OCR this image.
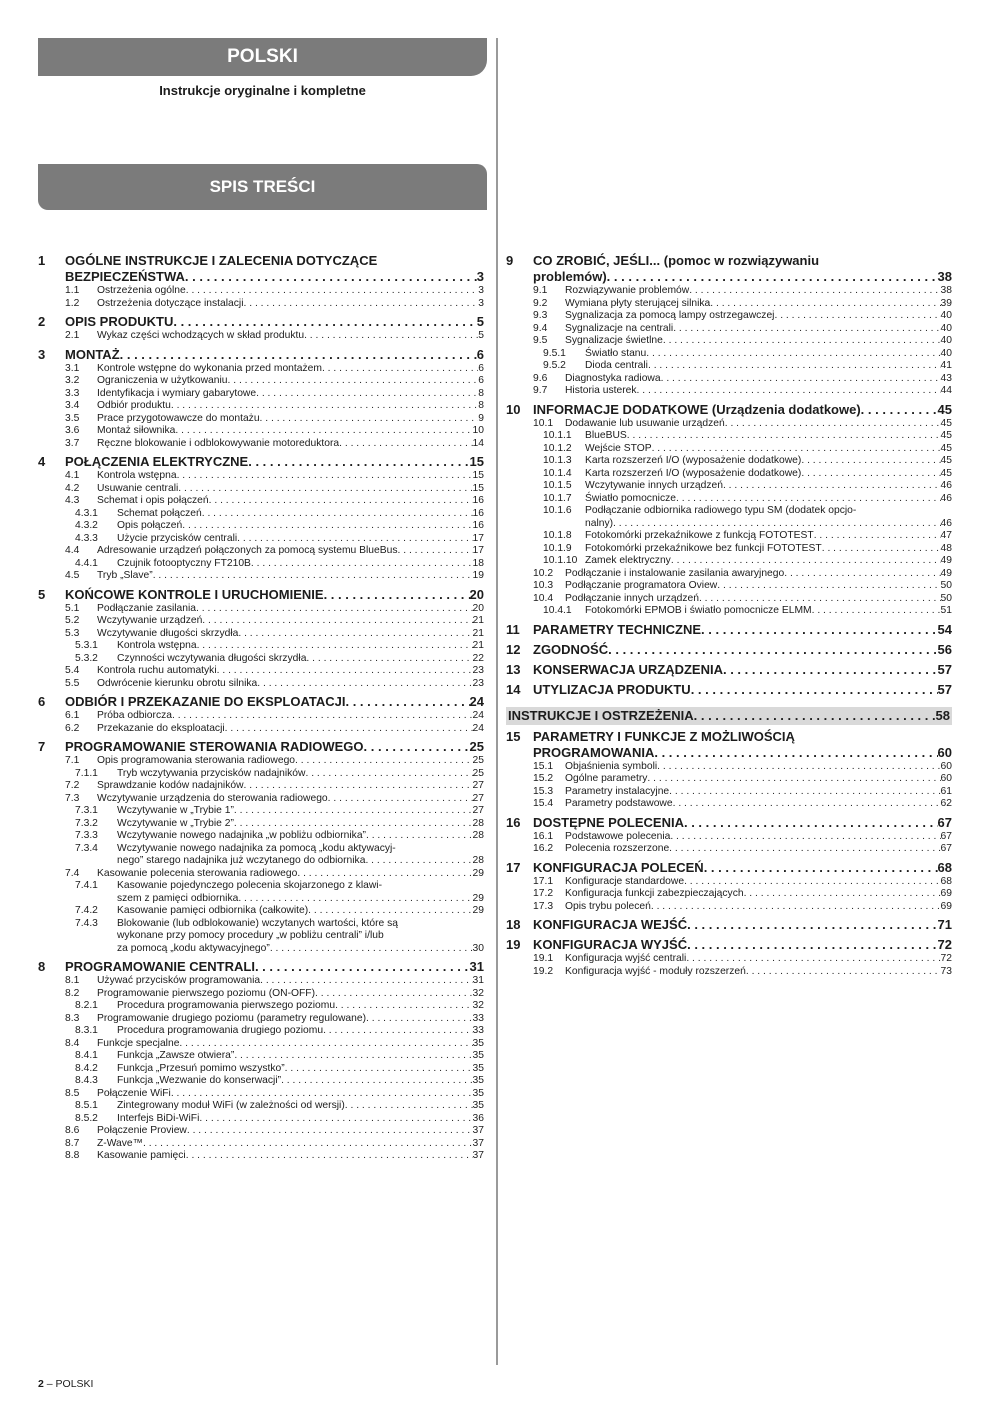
POLSKI
Instrukcje oryginalne i kompletne
SPIS TREŚCI
1	OGÓLNE INSTRUKCJE I ZALECENIA DOTYCZĄCE
BEZPIECZEŃSTWA . . .	3
1.1	Ostrzeżenia ogólne . . .	3
1.2	Ostrzeżenia dotyczące instalacji . . .	3
2	OPIS PRODUKTU . . .	5
2.1	Wykaz części wchodzących w skład produktu . . .	5
3	MONTAŻ . . .	6
3.1	Kontrole wstępne do wykonania przed montażem . . .	6
3.2	Ograniczenia w użytkowaniu . . .	6
3.3	Identyfikacja i wymiary gabarytowe . . .	8
3.4	Odbiór produktu . . .	8
3.5	Prace przygotowawcze do montażu . . .	9
3.6	Montaż siłownika . . .	10
3.7	Ręczne blokowanie i odblokowywanie motoreduktora . . .	14
4	POŁĄCZENIA ELEKTRYCZNE . . .	15
4.1	Kontrola wstępna . . .	15
4.2	Usuwanie centrali . . .	15
4.3	Schemat i opis połączeń . . .	16
4.3.1	Schemat połączeń . . .	16
4.3.2	Opis połączeń . . .	16
4.3.3	Użycie przycisków centrali . . .	17
4.4	Adresowanie urządzeń połączonych za pomocą systemu BlueBus . . .	17
4.4.1	Czujnik fotooptyczny FT210B . . .	18
4.5	Tryb „Slave” . . .	19
5	KOŃCOWE KONTROLE I URUCHOMIENIE . . .	20
5.1	Podłączanie zasilania . . .	20
5.2	Wczytywanie urządzeń . . .	21
5.3	Wczytywanie długości skrzydła . . .	21
5.3.1	Kontrola wstępna . . .	21
5.3.2	Czynności wczytywania długości skrzydła . . .	22
5.4	Kontrola ruchu automatyki . . .	23
5.5	Odwrócenie kierunku obrotu silnika . . .	23
6	ODBIÓR I PRZEKAZANIE DO EKSPLOATACJI . . .	24
6.1	Próba odbiorcza . . .	24
6.2	Przekazanie do eksploatacji . . .	24
7	PROGRAMOWANIE STEROWANIA RADIOWEGO . . .	25
7.1	Opis programowania sterowania radiowego . . .	25
7.1.1	Tryb wczytywania przycisków nadajników . . .	25
7.2	Sprawdzanie kodów nadajników . . .	27
7.3	Wczytywanie urządzenia do sterowania radiowego . . .	27
7.3.1	Wczytywanie w „Trybie 1” . . .	27
7.3.2	Wczytywanie w „Trybie 2” . . .	28
7.3.3	Wczytywanie nowego nadajnika „w pobliżu odbiornika” . . .	28
7.3.4	Wczytywanie nowego nadajnika za pomocą „kodu aktywacyj-
nego” starego nadajnika już wczytanego do odbiornika . . .	28
7.4	Kasowanie polecenia sterowania radiowego . . .	29
7.4.1	Kasowanie pojedynczego polecenia skojarzonego z klawi-
szem z pamięci odbiornika . . .	29
7.4.2	Kasowanie pamięci odbiornika (całkowite) . . .	29
7.4.3	Blokowanie (lub odblokowanie) wczytanych wartości, które są
wykonane przy pomocy procedury „w pobliżu centrali” i/lub
za pomocą „kodu aktywacyjnego” . . .	30
8	PROGRAMOWANIE CENTRALI . . .	31
8.1	Używać przycisków programowania . . .	31
8.2	Programowanie pierwszego poziomu (ON-OFF) . . .	32
8.2.1	Procedura programowania pierwszego poziomu . . .	32
8.3	Programowanie drugiego poziomu (parametry regulowane) . . .	33
8.3.1	Procedura programowania drugiego poziomu . . .	33
8.4	Funkcje specjalne . . .	35
8.4.1	Funkcja „Zawsze otwiera” . . .	35
8.4.2	Funkcja „Przesuń pomimo wszystko” . . .	35
8.4.3	Funkcja „Wezwanie do konserwacji” . . .	35
8.5	Połączenie WiFi . . .	35
8.5.1	Zintegrowany moduł WiFi (w zależności od wersji) . . .	35
8.5.2	Interfejs BiDi-WiFi . . .	36
8.6	Połączenie Proview . . .	37
8.7	Z-Wave™ . . .	37
8.8	Kasowanie pamięci . . .	37
9	CO ZROBIĆ, JEŚLI... (pomoc w rozwiązywaniu
problemów) . . .	38
9.1	Rozwiązywanie problemów . . .	38
9.2	Wymiana płyty sterującej silnika . . .	39
9.3	Sygnalizacja za pomocą lampy ostrzegawczej . . .	40
9.4	Sygnalizacje na centrali . . .	40
9.5	Sygnalizacje świetlne . . .	40
9.5.1	Światło stanu . . .	40
9.5.2	Dioda centrali . . .	41
9.6	Diagnostyka radiowa . . .	43
9.7	Historia usterek . . .	44
10 INFORMACJE DODATKOWE (Urządzenia dodatkowe) . . .	45
10.1	Dodawanie lub usuwanie urządzeń . . .	45
10.1.1	BlueBUS . . .	45
10.1.2	Wejście STOP . . .	45
10.1.3	Karta rozszerzeń I/O (wyposażenie dodatkowe) . . .	45
10.1.4	Karta rozszerzeń I/O (wyposażenie dodatkowe) . . .	45
10.1.5	Wczytywanie innych urządzeń . . .	46
10.1.7	Światło pomocnicze . . .	46
10.1.6	Podłączanie odbiornika radiowego typu SM (dodatek opcjo-
nalny) . . .	46
10.1.8	Fotokomórki przekaźnikowe z funkcją FOTOTEST . . .	47
10.1.9	Fotokomórki przekaźnikowe bez funkcji FOTOTEST . . .	48
10.1.10 Zamek elektryczny . . .	49
10.2	Podłączanie i instalowanie zasilania awaryjnego . . .	49
10.3	Podłączanie programatora Oview . . .	50
10.4	Podłączanie innych urządzeń . . .	50
10.4.1	Fotokomórki EPMOB i światło pomocnicze ELMM . . .	51
11	PARAMETRY TECHNICZNE . . .	54
12 ZGODNOŚĆ . . .	56
13 KONSERWACJA URZĄDZENIA . . .	57
14 UTYLIZACJA PRODUKTU . . .	57
INSTRUKCJE I OSTRZEŻENIA . . .	58
15 PARAMETRY I FUNKCJE Z MOŻLIWOŚCIĄ
PROGRAMOWANIA . . .	60
15.1	Objaśnienia symboli . . .	60
15.2	Ogólne parametry . . .	60
15.3	Parametry instalacyjne . . .	61
15.4	Parametry podstawowe . . .	62
16 DOSTĘPNE POLECENIA . . .	67
16.1	Podstawowe polecenia . . .	67
16.2	Polecenia rozszerzone . . .	67
17 KONFIGURACJA POLECEŃ . . .	68
17.1	Konfiguracje standardowe . . .	68
17.2	Konfiguracja funkcji zabezpieczających . . .	69
17.3	Opis trybu poleceń . . .	69
18 KONFIGURACJA WEJŚĆ . . .	71
19 KONFIGURACJA WYJŚĆ . . .	72
19.1	Konfiguracja wyjść centrali . . .	72
19.2	Konfiguracja wyjść - moduły rozszerzeń . . .	73
2 – POLSKI
